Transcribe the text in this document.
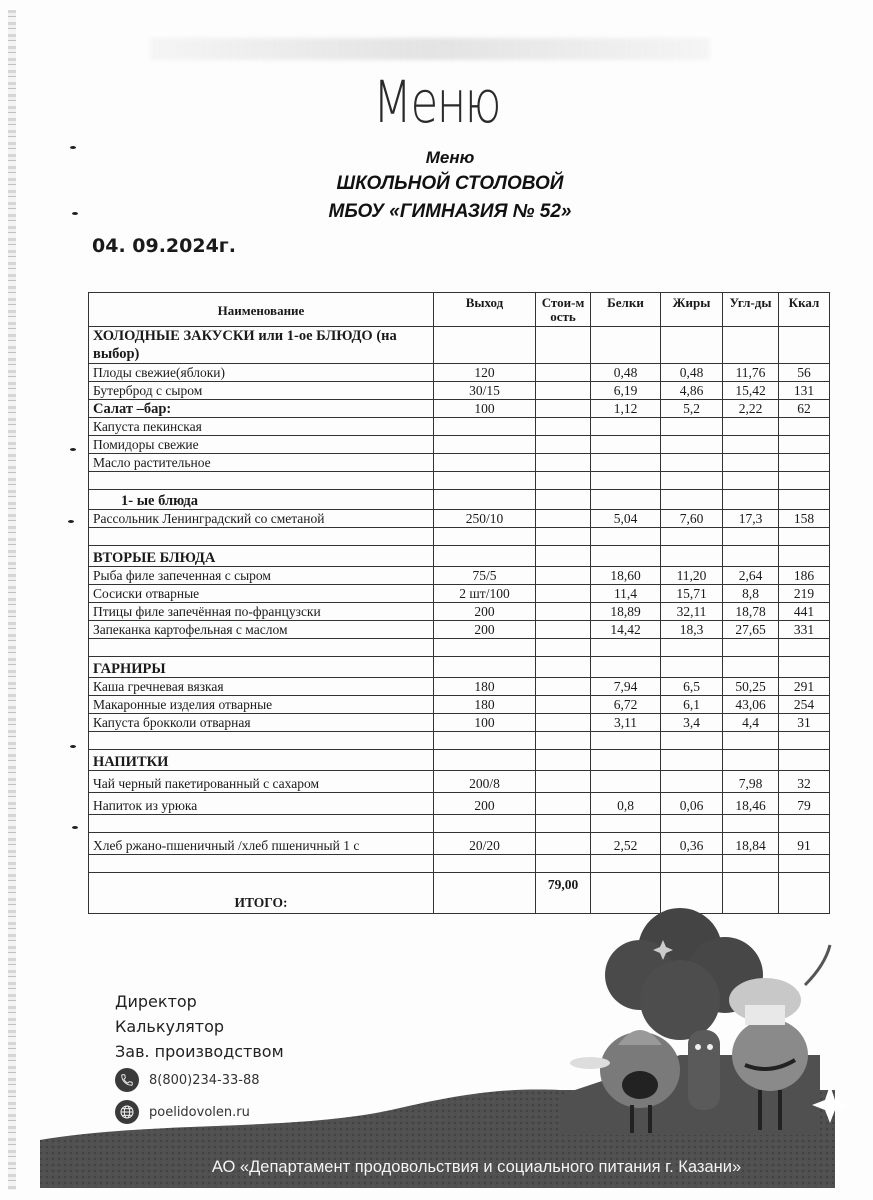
Меню
Меню
ШКОЛЬНОЙ СТОЛОВОЙ
МБОУ «ГИМНАЗИЯ № 52»
04. 09.2024г.
Наименование	Выход	Стои-мость	Белки	Жиры	Угл-ды	Ккал
ХОЛОДНЫЕ ЗАКУСКИ или 1-ое БЛЮДО (на выбор)						
Плоды свежие(яблоки)	120		0,48	0,48	11,76	56
Бутерброд с сыром	30/15		6,19	4,86	15,42	131
Салат –бар:	100		1,12	5,2	2,22	62
Капуста пекинская						
Помидоры свежие						
Масло растительное						

1- ые блюда						
Рассольник Ленинградский со сметаной	250/10		5,04	7,60	17,3	158

ВТОРЫЕ БЛЮДА						
Рыба филе запеченная с сыром	75/5		18,60	11,20	2,64	186
Сосиски отварные	2 шт/100		11,4	15,71	8,8	219
Птицы филе запечённая по-французски	200		18,89	32,11	18,78	441
Запеканка картофельная с маслом	200		14,42	18,3	27,65	331

ГАРНИРЫ						
Каша гречневая вязкая	180		7,94	6,5	50,25	291
Макаронные изделия отварные	180		6,72	6,1	43,06	254
Капуста брокколи отварная	100		3,11	3,4	4,4	31

НАПИТКИ						
Чай черный пакетированный с сахаром	200/8				7,98	32
Напиток из урюка	200		0,8	0,06	18,46	79

Хлеб ржано-пшеничный /хлеб пшеничный 1 с	20/20		2,52	0,36	18,84	91

ИТОГО:		79,00				
Директор
Калькулятор
Зав. производством
8(800)234-33-88
poelidovolen.ru
АО «Департамент продовольствия и социального питания г. Казани»
